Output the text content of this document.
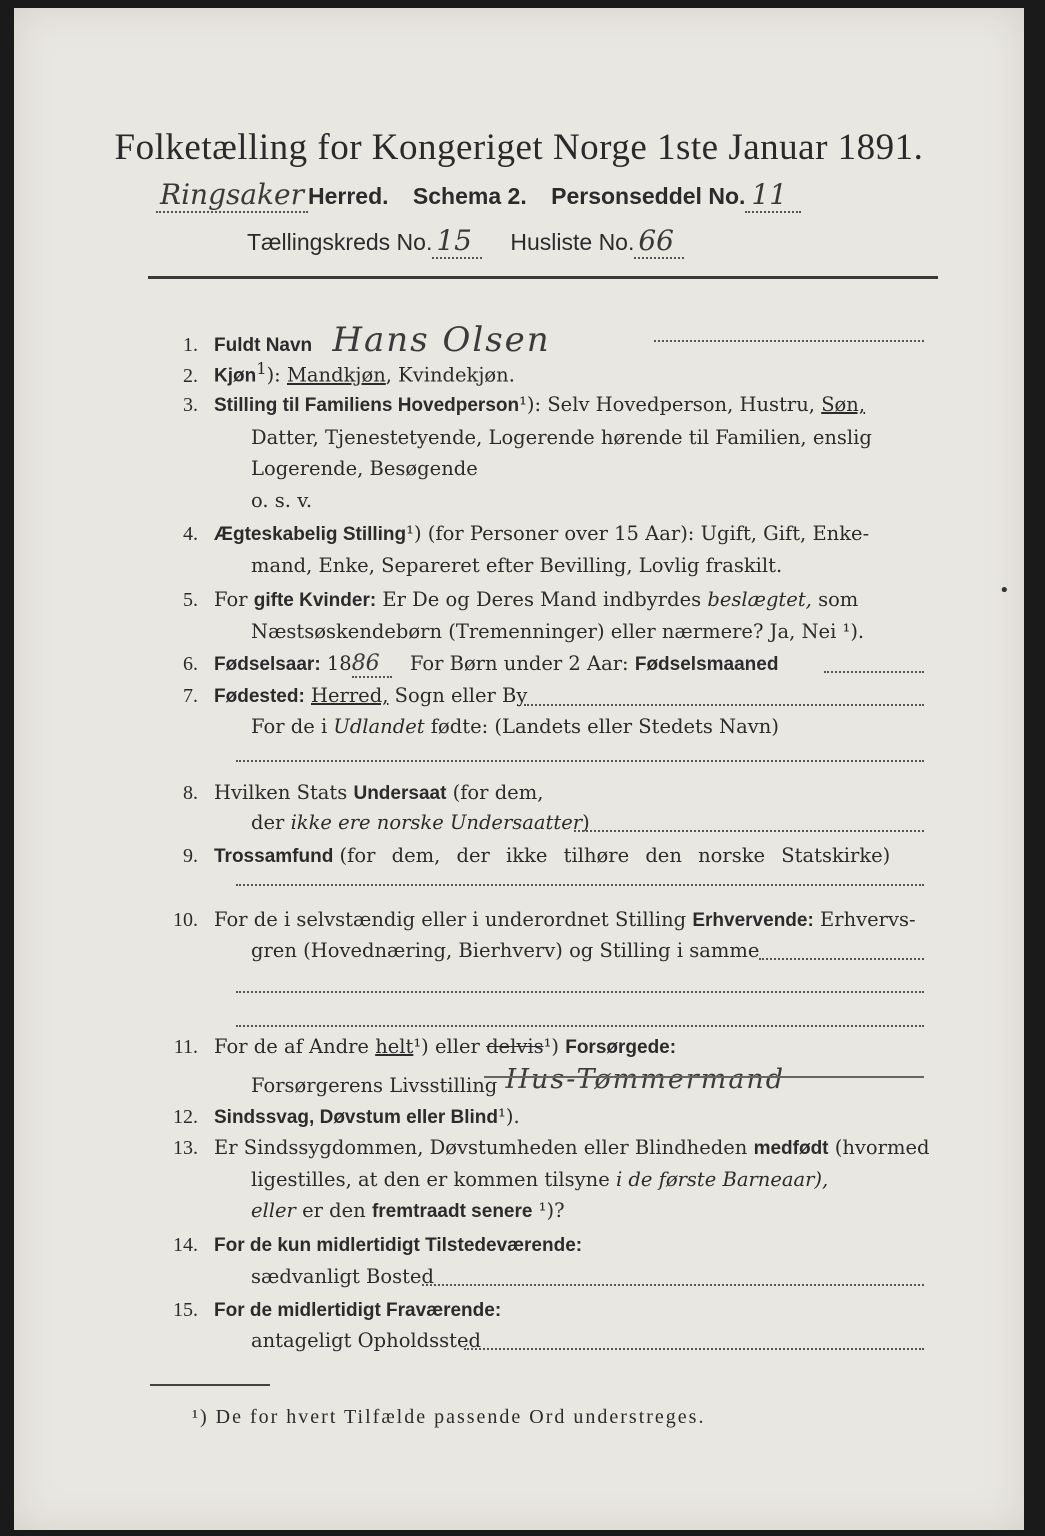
Folketælling for Kongeriget Norge 1ste Januar 1891.
Ringsaker Herred. Schema 2. Personseddel No. 11
Tællingskreds No. 15 Husliste No. 66
1. Fuldt Navn Hans Olsen
2. Kjøn$^1$): Mandkjøn, Kvindekjøn.
3. Stilling til Familiens Hovedperson¹): Selv Hovedperson, Hustru, Søn,
Datter, Tjenestetyende, Logerende hørende til Familien, enslig
Logerende, Besøgende
o. s. v.
4. Ægteskabelig Stilling¹) (for Personer over 15 Aar): Ugift, Gift, Enke-
mand, Enke, Separeret efter Bevilling, Lovlig fraskilt.
5. For gifte Kvinder: Er De og Deres Mand indbyrdes beslægtet, som
Næstsøskendebørn (Tremenninger) eller nærmere? Ja, Nei ¹).
6. Fødselsaar: 1886 For Børn under 2 Aar: Fødselsmaaned
7. Fødested: Herred, Sogn eller By
For de i Udlandet fødte: (Landets eller Stedets Navn)
8. Hvilken Stats Undersaat (for dem,
der ikke ere norske Undersaatter)
9. Trossamfund (for dem, der ikke tilhøre den norske Statskirke)
10. For de i selvstændig eller i underordnet Stilling Erhvervende: Erhvervs-
gren (Hovednæring, Bierhverv) og Stilling i samme
11. For de af Andre helt¹) eller delvis¹) Forsørgede:
Forsørgerens Livsstilling Hus-Tømmermand
12. Sindssvag, Døvstum eller Blind¹).
13. Er Sindssygdommen, Døvstumheden eller Blindheden medfødt (hvormed
ligestilles, at den er kommen tilsyne i de første Barneaar),
eller er den fremtraadt senere ¹)?
14. For de kun midlertidigt Tilstedeværende:
sædvanligt Bosted
15. For de midlertidigt Fraværende:
antageligt Opholdssted
¹) De for hvert Tilfælde passende Ord understreges.
•
